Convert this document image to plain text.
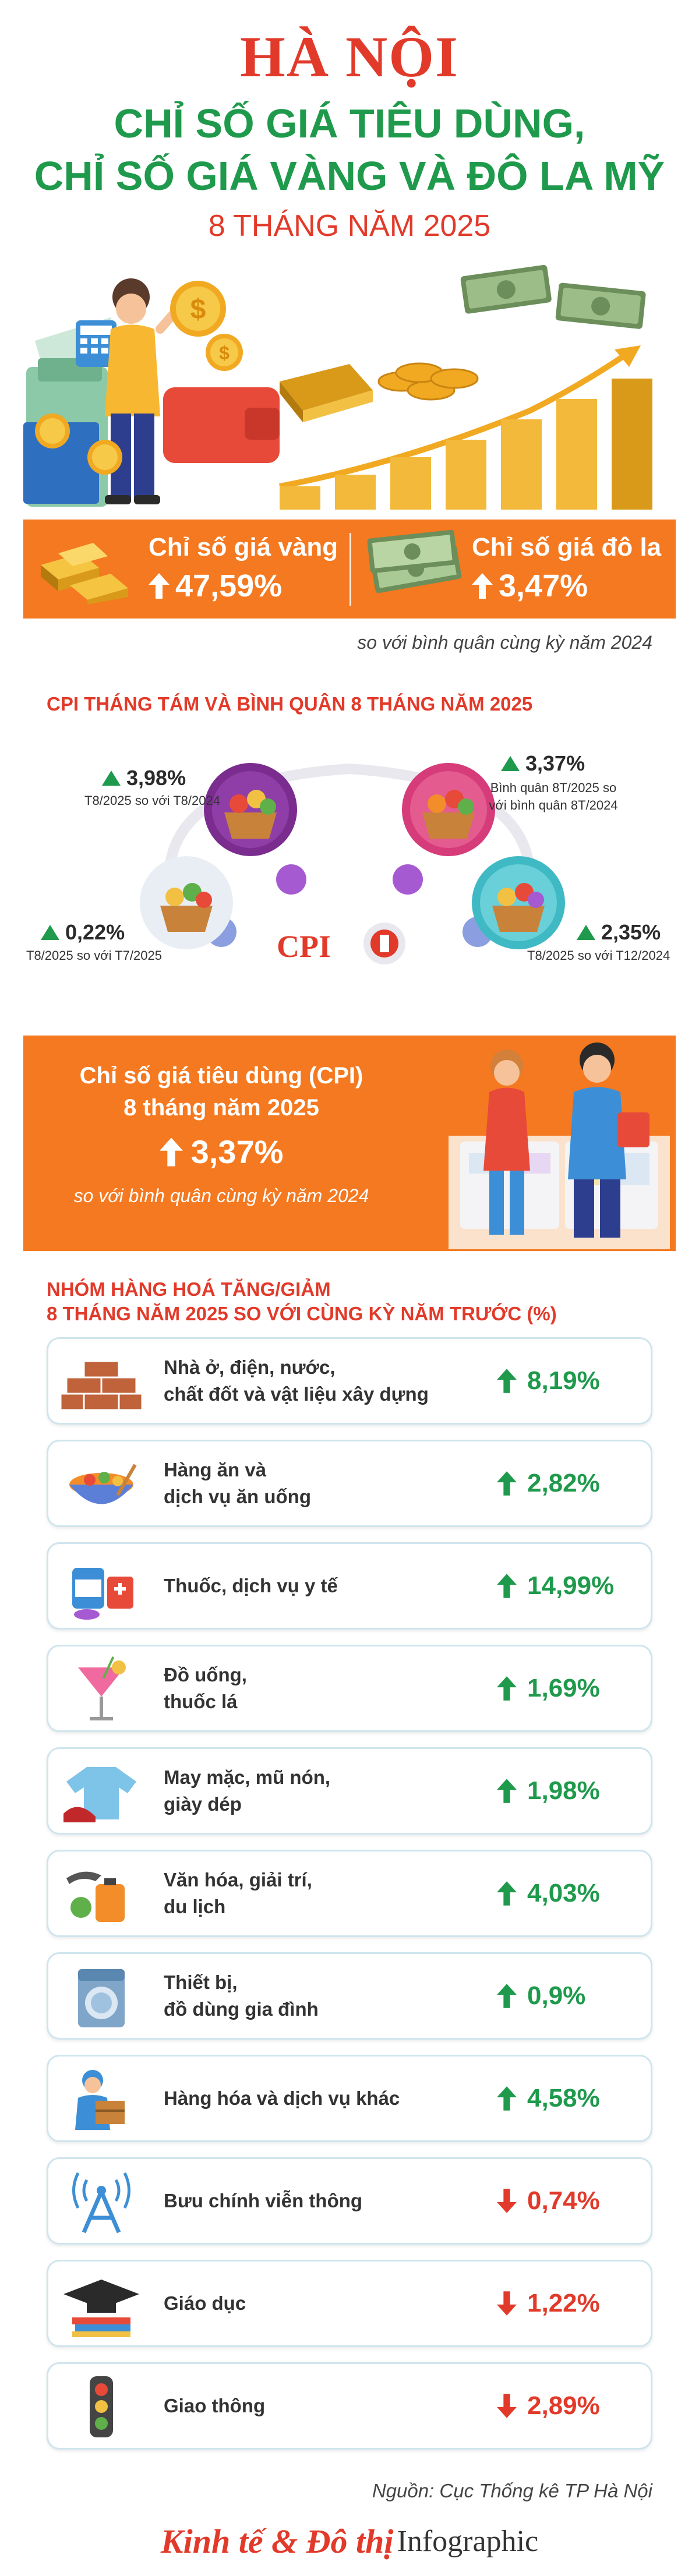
HÀ NỘI
CHỈ SỐ GIÁ TIÊU DÙNG,
CHỈ SỐ GIÁ VÀNG VÀ ĐÔ LA MỸ
8 THÁNG NĂM 2025
$
$
Chỉ số giá vàng
47,59%
Chỉ số giá đô la
3,47%
so với bình quân cùng kỳ năm 2024
CPI THÁNG TÁM VÀ BÌNH QUÂN 8 THÁNG NĂM 2025
CPI
3,98%
T8/2025 so với T8/2024
3,37%
Bình quân 8T/2025 so với bình quân 8T/2024
0,22%
T8/2025 so với T7/2025
2,35%
T8/2025 so với T12/2024
Chỉ số giá tiêu dùng (CPI)
8 tháng năm 2025
3,37%
so với bình quân cùng kỳ năm 2024
NHÓM HÀNG HOÁ TĂNG/GIẢM
8 THÁNG NĂM 2025 SO VỚI CÙNG KỲ NĂM TRƯỚC (%)
Nhà ở, điện, nước,
chất đốt và vật liệu xây dựng	8,19%
Hàng ăn và
dịch vụ ăn uống	2,82%
Thuốc, dịch vụ y tế	14,99%
Đồ uống,
thuốc lá	1,69%
May mặc, mũ nón,
giày dép	1,98%
Văn hóa, giải trí,
du lịch	4,03%
Thiết bị,
đồ dùng gia đình	0,9%
Hàng hóa và dịch vụ khác	4,58%
Bưu chính viễn thông	0,74%
Giáo dục	1,22%
Giao thông	2,89%
Nguồn: Cục Thống kê TP Hà Nội
Kinh tế & Đô thị Infographic
